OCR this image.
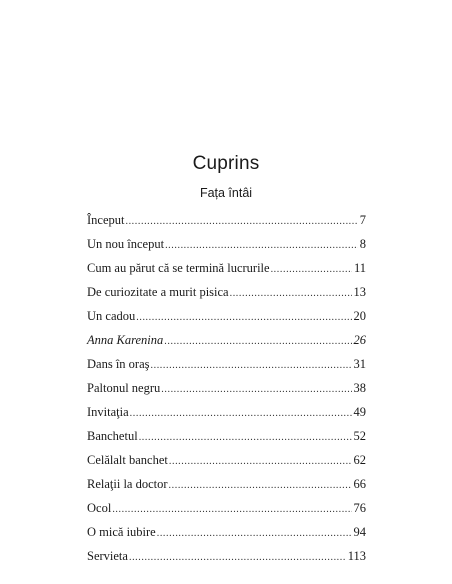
Cuprins
Fața întâi
Început .....	7
Un nou început .....	8
Cum au părut că se termină lucrurile .....	11
De curiozitate a murit pisica .....	13
Un cadou .....	20
Anna Karenina .....	26
Dans în oraş .....	31
Paltonul negru .....	38
Invitaţia .....	49
Banchetul .....	52
Celălalt banchet .....	62
Relaţii la doctor .....	66
Ocol .....	76
O mică iubire .....	94
Servieta .....	113
